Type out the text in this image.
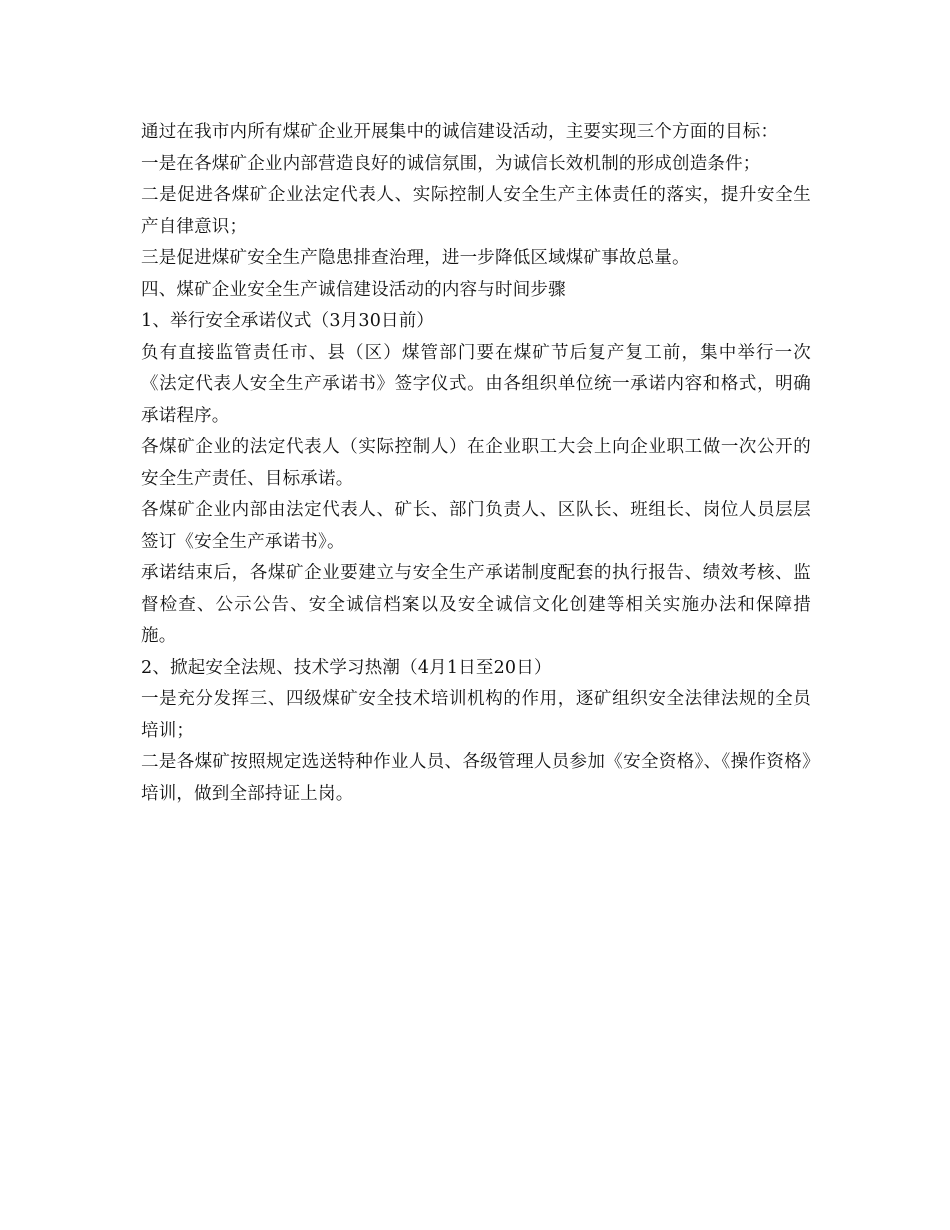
通过在我市内所有煤矿企业开展集中的诚信建设活动，主要实现三个方面的目标：

一是在各煤矿企业内部营造良好的诚信氛围，为诚信长效机制的形成创造条件；

二是促进各煤矿企业法定代表人、实际控制人安全生产主体责任的落实，提升安全生产自律意识；

三是促进煤矿安全生产隐患排查治理，进一步降低区域煤矿事故总量。

四、煤矿企业安全生产诚信建设活动的内容与时间步骤

1、举行安全承诺仪式（3月30日前）

负有直接监管责任市、县（区）煤管部门要在煤矿节后复产复工前，集中举行一次《法定代表人安全生产承诺书》签字仪式。由各组织单位统一承诺内容和格式，明确承诺程序。

各煤矿企业的法定代表人（实际控制人）在企业职工大会上向企业职工做一次公开的安全生产责任、目标承诺。

各煤矿企业内部由法定代表人、矿长、部门负责人、区队长、班组长、岗位人员层层签订《安全生产承诺书》。

承诺结束后，各煤矿企业要建立与安全生产承诺制度配套的执行报告、绩效考核、监督检查、公示公告、安全诚信档案以及安全诚信文化创建等相关实施办法和保障措施。

2、掀起安全法规、技术学习热潮（4月1日至20日）

一是充分发挥三、四级煤矿安全技术培训机构的作用，逐矿组织安全法律法规的全员培训；

二是各煤矿按照规定选送特种作业人员、各级管理人员参加《安全资格》、《操作资格》培训，做到全部持证上岗。
